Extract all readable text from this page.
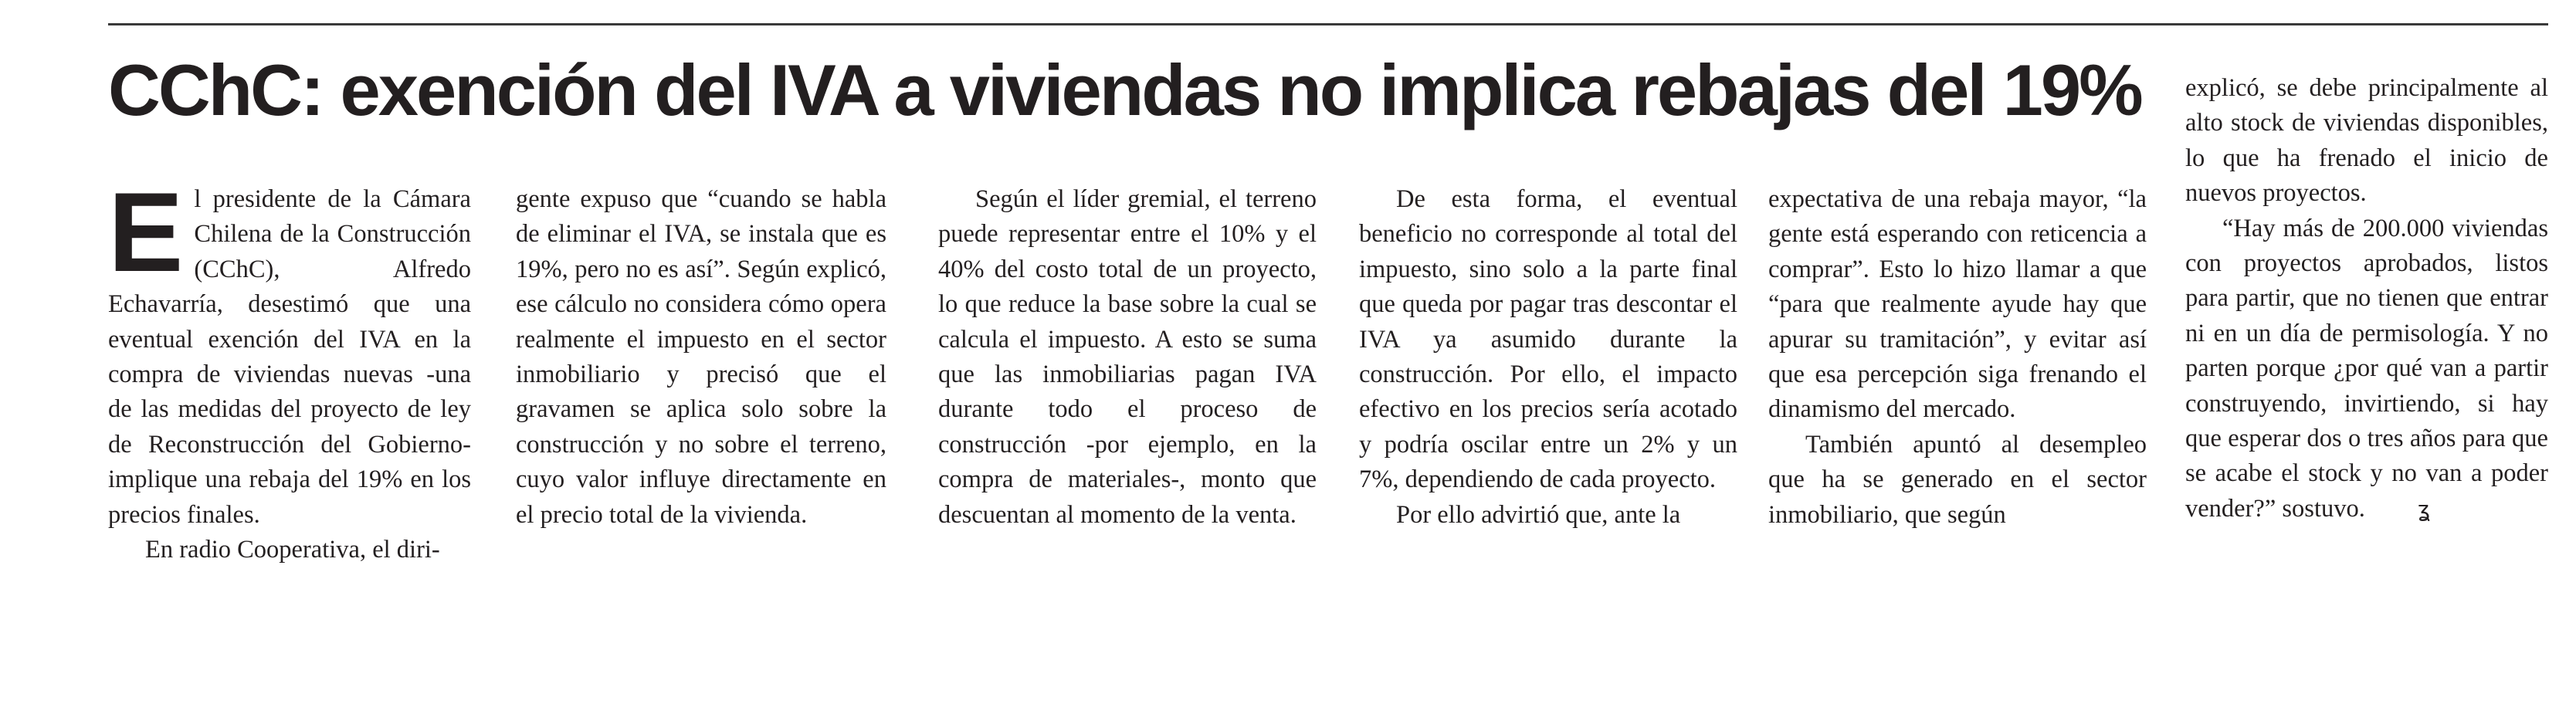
CChC: exención del IVA a viviendas no implica rebajas del 19%

El presidente de la Cámara Chilena de la Construcción (CChC), Alfredo Echavarría, desestimó que una eventual exención del IVA en la compra de viviendas nuevas -una de las medidas del proyecto de ley de Reconstrucción del Gobierno- implique una rebaja del 19% en los precios finales.

En radio Cooperativa, el diri-

gente expuso que “cuando se habla de eliminar el IVA, se instala que es 19%, pero no es así”. Según explicó, ese cálculo no considera cómo opera realmente el impuesto en el sector inmobiliario y precisó que el gravamen se aplica solo sobre la construcción y no sobre el terreno, cuyo valor influye directamente en el precio total de la vivienda.

Según el líder gremial, el terreno puede representar entre el 10% y el 40% del costo total de un proyecto, lo que reduce la base sobre la cual se calcula el impuesto. A esto se suma que las inmobiliarias pagan IVA durante todo el proceso de construcción -por ejemplo, en la compra de materiales-, monto que descuentan al momento de la venta.

De esta forma, el eventual beneficio no corresponde al total del impuesto, sino solo a la parte final que queda por pagar tras descontar el IVA ya asumido durante la construcción. Por ello, el impacto efectivo en los precios sería acotado y podría oscilar entre un 2% y un 7%, dependiendo de cada proyecto.

Por ello advirtió que, ante la

expectativa de una rebaja mayor, “la gente está esperando con reticencia a comprar”. Esto lo hizo llamar a que “para que realmente ayude hay que apurar su tramitación”, y evitar así que esa percepción siga frenando el dinamismo del mercado.

También apuntó al desempleo que ha se generado en el sector inmobiliario, que según

explicó, se debe principalmente al alto stock de viviendas disponibles, lo que ha frenado el inicio de nuevos proyectos.

“Hay más de 200.000 viviendas con proyectos aprobados, listos para partir, que no tienen que entrar ni en un día de permisología. Y no parten porque ¿por qué van a partir construyendo, invirtiendo, si hay que esperar dos o tres años para que se acabe el stock y no van a poder vender?” sostuvo. ʓ
